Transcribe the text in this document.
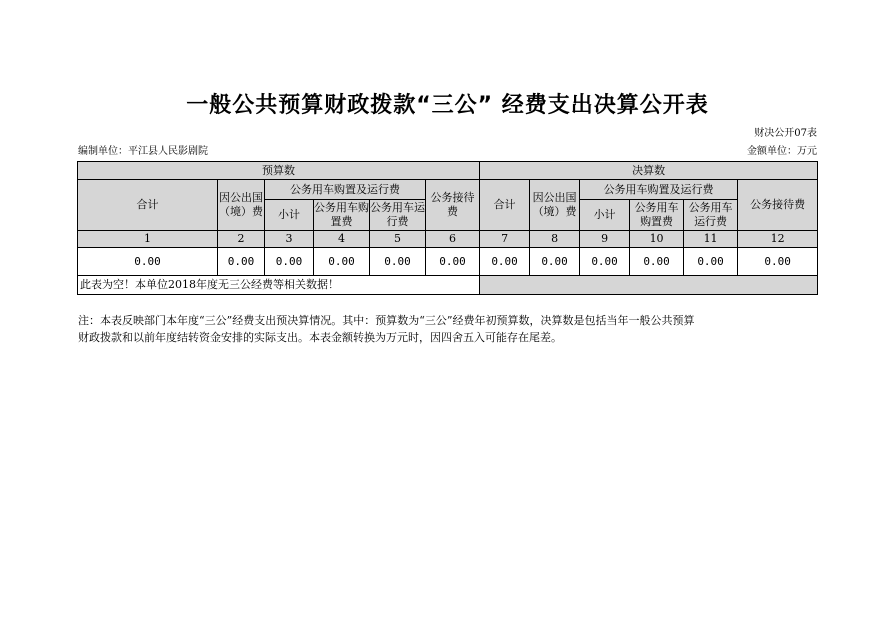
一般公共预算财政拨款“三公” 经费支出决算公开表
财决公开07表
编制单位：平江县人民影剧院	金额单位：万元
预算数						决算数					
合计	因公出国（境）费	公务用车购置及运行费			公务接待费	合计	因公出国（境）费	公务用车购置及运行费			公务接待费
		小计	公务用车购置费	公务用车运行费				小计	公务用车购置费	公务用车运行费	
1	2	3	4	5	6	7	8	9	10	11	12
0.00	0.00	0.00	0.00	0.00	0.00	0.00	0.00	0.00	0.00	0.00	0.00
此表为空！本单位2018年度无三公经费等相关数据！											
注：本表反映部门本年度“三公”经费支出预决算情况。其中：预算数为“三公”经费年初预算数，决算数是包括当年一般公共预算
财政拨款和以前年度结转资金安排的实际支出。本表金额转换为万元时，因四舍五入可能存在尾差。
